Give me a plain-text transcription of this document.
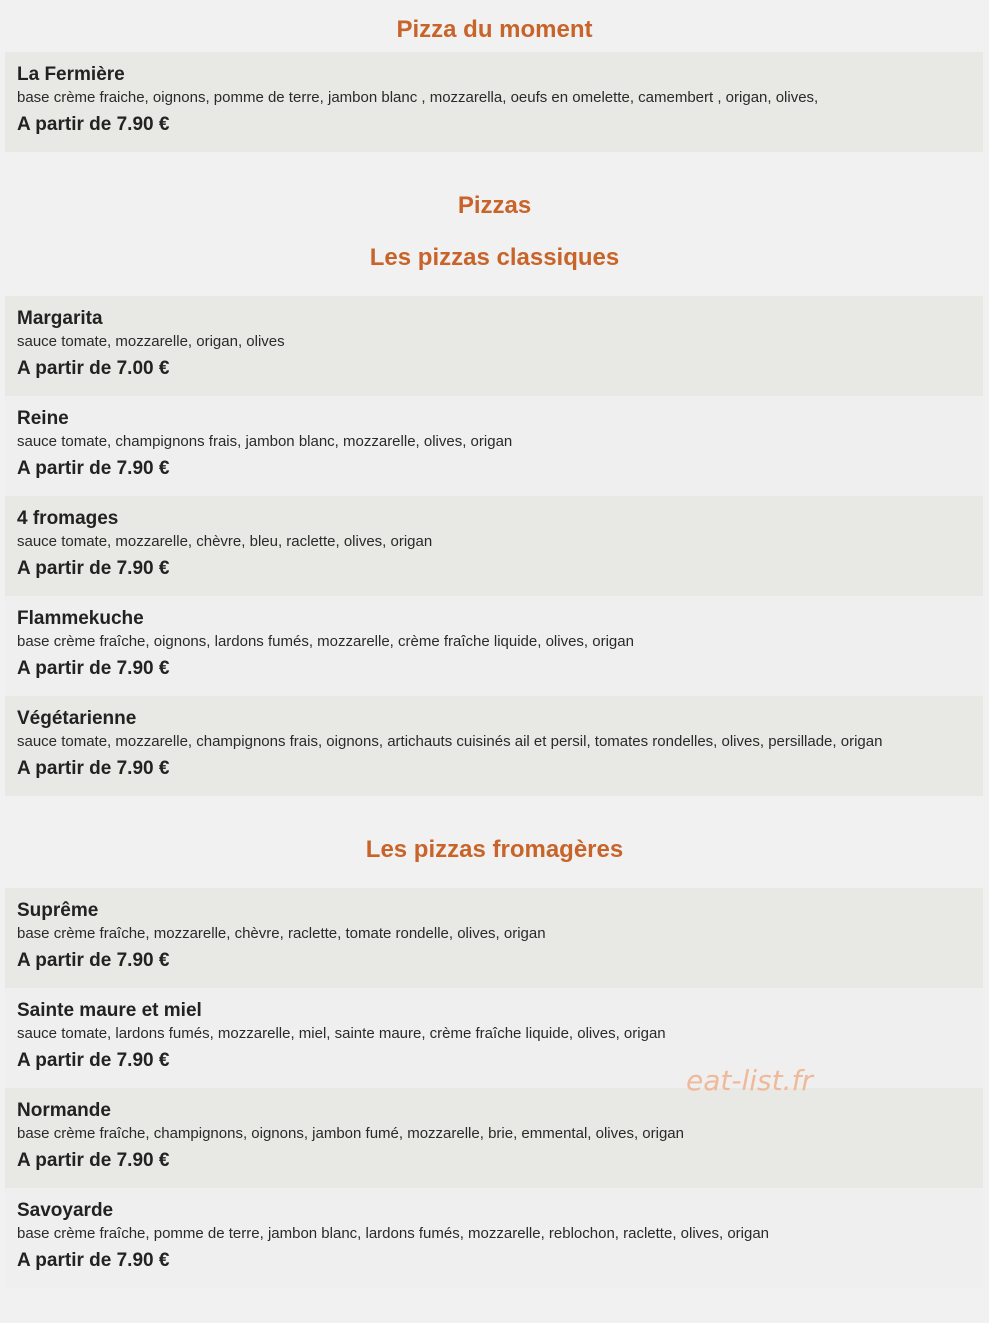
Pizza du moment
La Fermière
base crème fraiche, oignons, pomme de terre, jambon blanc , mozzarella, oeufs en omelette, camembert , origan, olives,
A partir de 7.90 €
Pizzas
Les pizzas classiques
Margarita
sauce tomate, mozzarelle, origan, olives
A partir de 7.00 €
Reine
sauce tomate, champignons frais, jambon blanc, mozzarelle, olives, origan
A partir de 7.90 €
4 fromages
sauce tomate, mozzarelle, chèvre, bleu, raclette, olives, origan
A partir de 7.90 €
Flammekuche
base crème fraîche, oignons, lardons fumés, mozzarelle, crème fraîche liquide, olives, origan
A partir de 7.90 €
Végétarienne
sauce tomate, mozzarelle, champignons frais, oignons, artichauts cuisinés ail et persil, tomates rondelles, olives, persillade, origan
A partir de 7.90 €
Les pizzas fromagères
Suprême
base crème fraîche, mozzarelle, chèvre, raclette, tomate rondelle, olives, origan
A partir de 7.90 €
Sainte maure et miel
sauce tomate, lardons fumés, mozzarelle, miel, sainte maure, crème fraîche liquide, olives, origan
A partir de 7.90 €
Normande
base crème fraîche, champignons, oignons, jambon fumé, mozzarelle, brie, emmental, olives, origan
A partir de 7.90 €
Savoyarde
base crème fraîche, pomme de terre, jambon blanc, lardons fumés, mozzarelle, reblochon, raclette, olives, origan
A partir de 7.90 €
eat-list.fr
